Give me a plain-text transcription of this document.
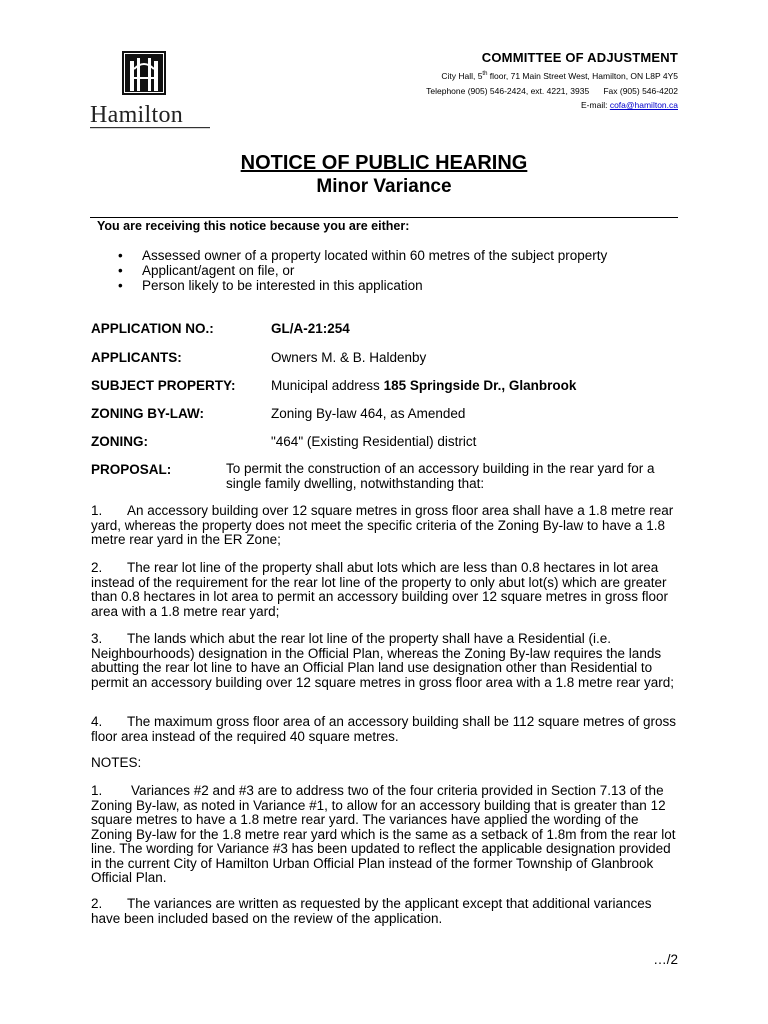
Hamilton
COMMITTEE OF ADJUSTMENT
City Hall, 5th floor, 71 Main Street West, Hamilton, ON L8P 4Y5
Telephone (905) 546-2424, ext. 4221, 3935      Fax (905) 546-4202
E-mail: cofa@hamilton.ca
NOTICE OF PUBLIC HEARING
Minor Variance
You are receiving this notice because you are either:
• Assessed owner of a property located within 60 metres of the subject property
• Applicant/agent on file, or
• Person likely to be interested in this application
APPLICATION NO.:	GL/A-21:254
APPLICANTS:	Owners M. & B. Haldenby
SUBJECT PROPERTY:	Municipal address 185 Springside Dr., Glanbrook
ZONING BY-LAW:	Zoning By-law 464, as Amended
ZONING:	"464" (Existing Residential) district
PROPOSAL:	To permit the construction of an accessory building in the rear yard for a single family dwelling, notwithstanding that:
1. An accessory building over 12 square metres in gross floor area shall have a 1.8 metre rear yard, whereas the property does not meet the specific criteria of the Zoning By-law to have a 1.8 metre rear yard in the ER Zone;
2. The rear lot line of the property shall abut lots which are less than 0.8 hectares in lot area instead of the requirement for the rear lot line of the property to only abut lot(s) which are greater than 0.8 hectares in lot area to permit an accessory building over 12 square metres in gross floor area with a 1.8 metre rear yard;
3. The lands which abut the rear lot line of the property shall have a Residential (i.e. Neighbourhoods) designation in the Official Plan, whereas the Zoning By-law requires the lands abutting the rear lot line to have an Official Plan land use designation other than Residential to permit an accessory building over 12 square metres in gross floor area with a 1.8 metre rear yard;
4. The maximum gross floor area of an accessory building shall be 112 square metres of gross floor area instead of the required 40 square metres.
NOTES:
1. Variances #2 and #3 are to address two of the four criteria provided in Section 7.13 of the Zoning By-law, as noted in Variance #1, to allow for an accessory building that is greater than 12 square metres to have a 1.8 metre rear yard. The variances have applied the wording of the Zoning By-law for the 1.8 metre rear yard which is the same as a setback of 1.8m from the rear lot line. The wording for Variance #3 has been updated to reflect the applicable designation provided in the current City of Hamilton Urban Official Plan instead of the former Township of Glanbrook Official Plan.
2. The variances are written as requested by the applicant except that additional variances have been included based on the review of the application.
…/2
